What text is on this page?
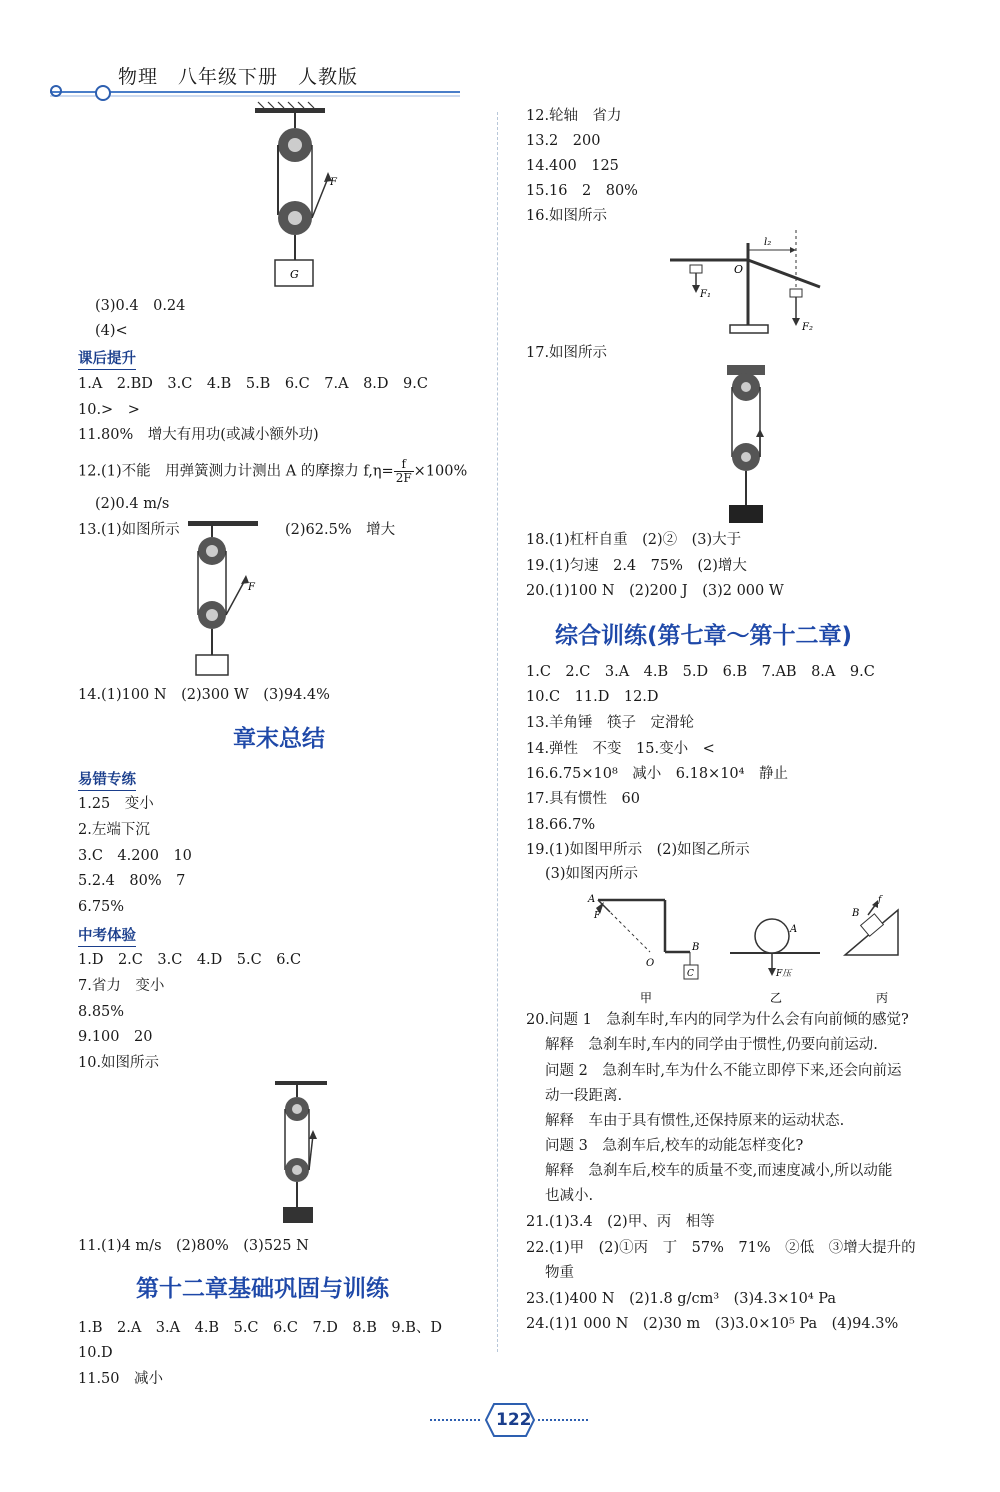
物理　八年级下册　人教版
G
F
(3)0.4　0.24
(4)<
课后提升
1.A　2.BD　3.C　4.B　5.B　6.C　7.A　8.D　9.C
10.>　>
11.80%　增大有用功(或减小额外功)
12.(1)不能　用弹簧测力计测出 A 的摩擦力 $f,\eta= \frac{f}{2F} \times 100\%$
(2)0.4 m/s
13.(1)如图所示	(2)62.5%　增大
F
14.(1)100 N　(2)300 W　(3)94.4%
章末总结
易错专练
1.25　变小
2.左端下沉
3.C　4.200　10
5.2.4　80%　7
6.75%
中考体验
1.D　2.C　3.C　4.D　5.C　6.C
7.省力　变小
8.85%
9.100　20
10.如图所示
11.(1)4 m/s　(2)80%　(3)525 N
第十二章基础巩固与训练
1.B　2.A　3.A　4.B　5.C　6.C　7.D　8.B　9.B、D
10.D
11.50　减小
12.轮轴　省力
13.2　200
14.400　125
15.16　2　80%
16.如图所示
O
l₂
F₁
F₂
17.如图所示
18.(1)杠杆自重　(2)②　(3)大于
19.(1)匀速　2.4　75%　(2)增大
20.(1)100 N　(2)200 J　(3)2 000 W
综合训练(第七章～第十二章)
1.C　2.C　3.A　4.B　5.D　6.B　7.AB　8.A　9.C
10.C　11.D　12.D
13.羊角锤　筷子　定滑轮
14.弹性　不变　15.变小　<
16.6.75×10⁸　减小　6.18×10⁴　静止
17.具有惯性　60
18.66.7%
19.(1)如图甲所示　(2)如图乙所示
(3)如图丙所示
A
F
B
O
C
甲
A
F压
乙
B
f
丙
20.问题 1　急刹车时,车内的同学为什么会有向前倾的感觉?
解释　急刹车时,车内的同学由于惯性,仍要向前运动.
问题 2　急刹车时,车为什么不能立即停下来,还会向前运
动一段距离.
解释　车由于具有惯性,还保持原来的运动状态.
问题 3　急刹车后,校车的动能怎样变化?
解释　急刹车后,校车的质量不变,而速度减小,所以动能
也减小.
21.(1)3.4　(2)甲、丙　相等
22.(1)甲　(2)①丙　丁　57%　71%　②低　③增大提升的
物重
23.(1)400 N　(2)1.8 g/cm³　(3)4.3×10⁴ Pa
24.(1)1 000 N　(2)30 m　(3)3.0×10⁵ Pa　(4)94.3%
122
